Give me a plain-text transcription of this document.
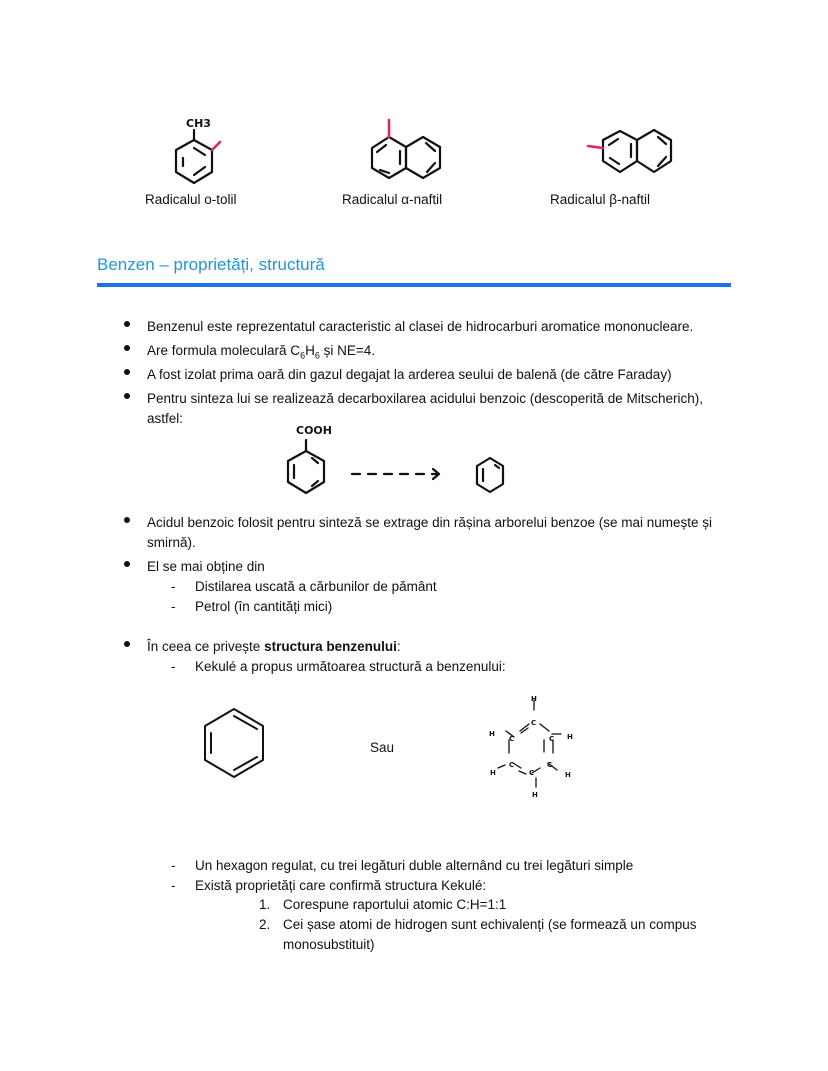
CH3
Radicalul o-tolil	Radicalul α-naftil	Radicalul β-naftil
Benzen – proprietăți, structură
Benzenul este reprezentatul caracteristic al clasei de hidrocarburi aromatice mononucleare.
Are formula moleculară $C_6H_6$ și NE=4.
A fost izolat prima oară din gazul degajat la arderea seului de balenă (de către Faraday)
Pentru sinteza lui se realizează decarboxilarea acidului benzoic (descoperită de Mitscherich),
astfel:
COOH
Acidul benzoic folosit pentru sinteză se extrage din rășina arborelui benzoe (se mai numește și
smirnă).
El se mai obține din
- Distilarea uscată a cărbunilor de pământ
- Petrol (în cantități mici)
În ceea ce privește structura benzenului:
- Kekulé a propus următoarea structură a benzenului:
Sau
C
C	C
C	C
C
H
H	H
H	H
H
- Un hexagon regulat, cu trei legături duble alternând cu trei legături simple
- Există proprietăți care confirmă structura Kekulé:
1. Corespune raportului atomic C:H=1:1
2. Cei șase atomi de hidrogen sunt echivalenți (se formează un compus
monosubstituit)
